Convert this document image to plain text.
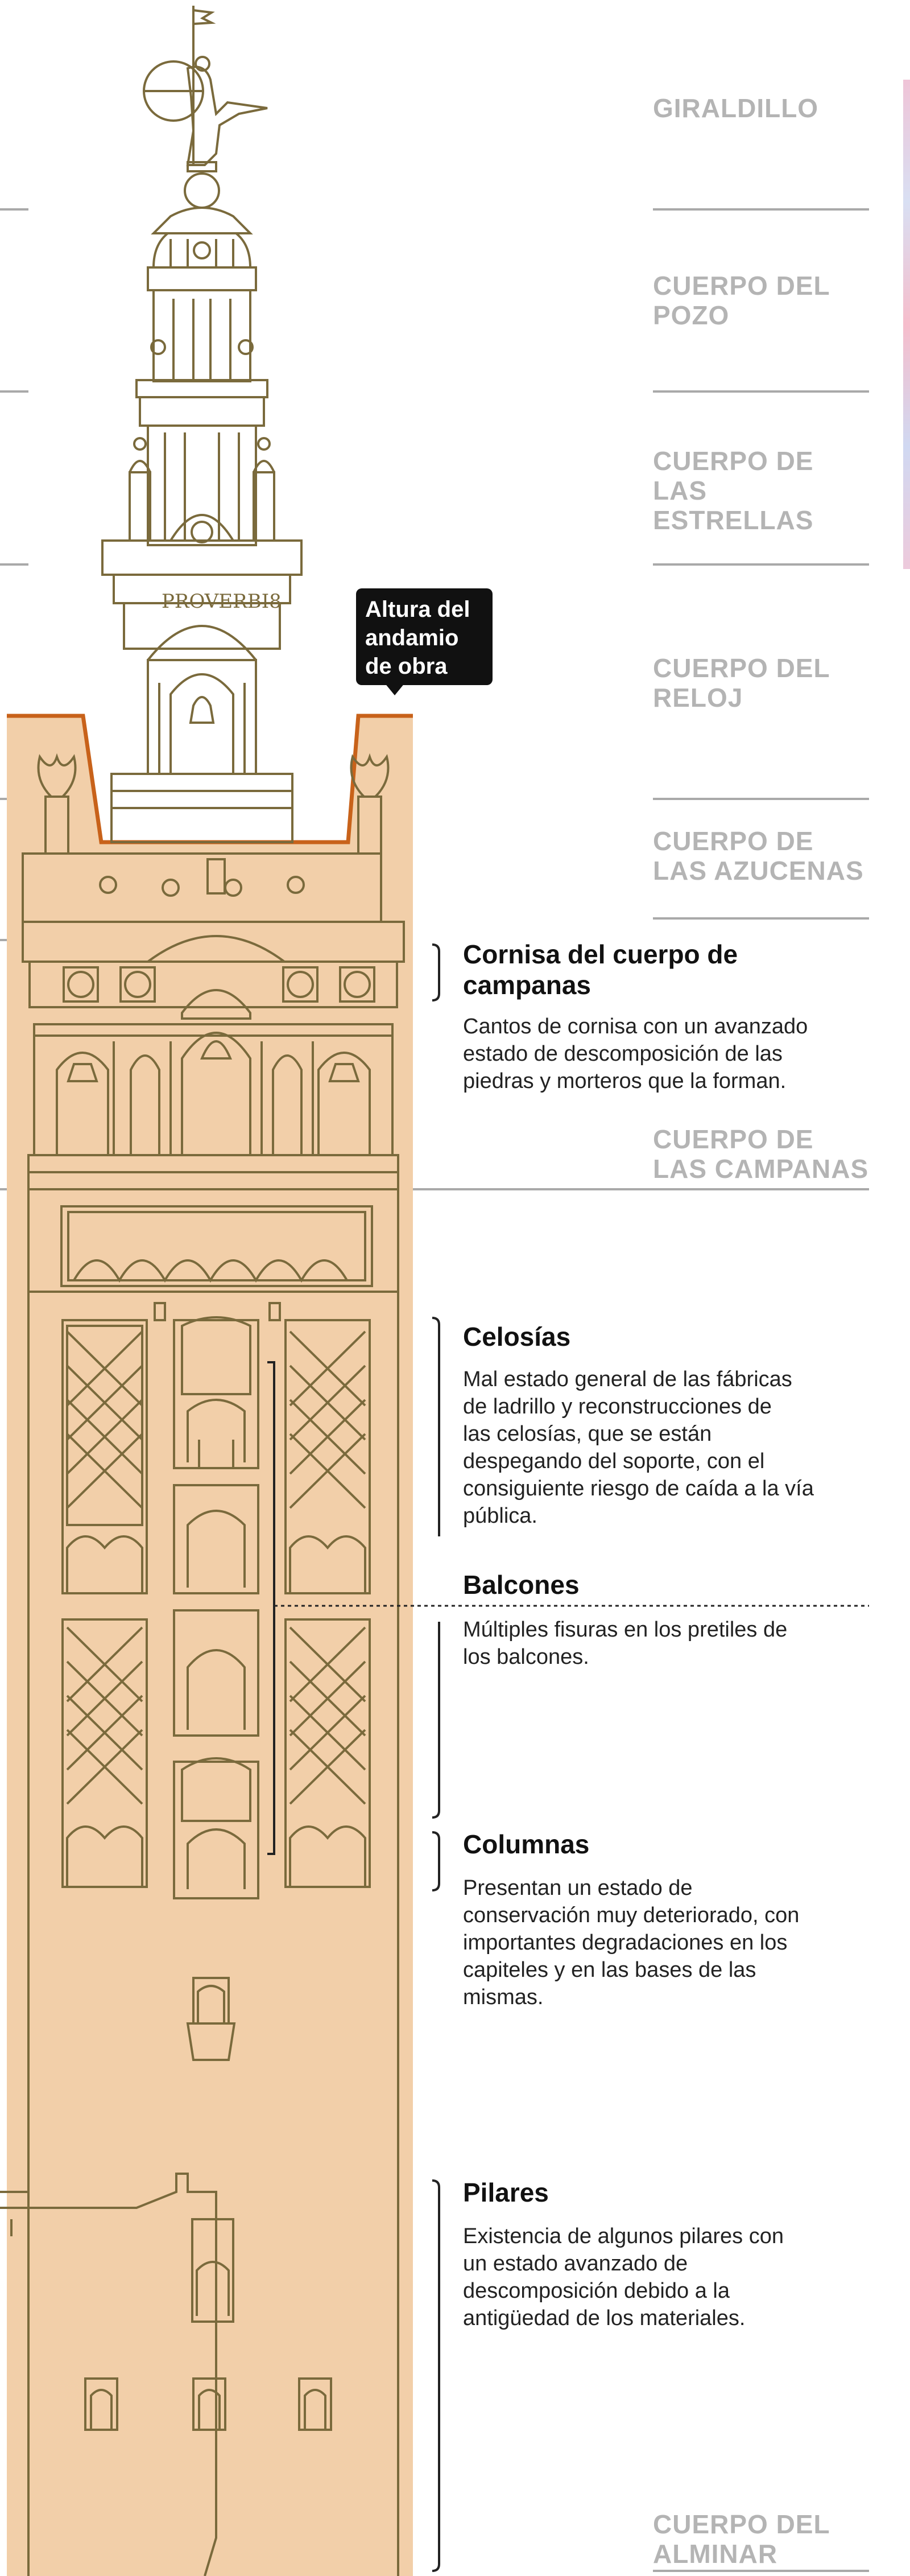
PROVERBI8
GIRALDILLO
CUERPO DEL
POZO
CUERPO DE LAS
ESTRELLAS
CUERPO DEL
RELOJ
CUERPO DE
LAS AZUCENAS
CUERPO DE
LAS CAMPANAS
CUERPO DEL
ALMINAR
Altura del
andamio
de obra
Cornisa del cuerpo de
campanas
Cantos de cornisa con un avanzado
estado de descomposición de las
piedras y morteros que la forman.
Celosías
Mal estado general de las fábricas
de ladrillo y reconstrucciones de
las celosías, que se están
despegando del soporte, con el
consiguiente riesgo de caída a la vía
pública.
Balcones
Múltiples fisuras en los pretiles de
los balcones.
Columnas
Presentan un estado de
conservación muy deteriorado, con
importantes degradaciones en los
capiteles y en las bases de las
mismas.
Pilares
Existencia de algunos pilares con
un estado avanzado de
descomposición debido a la
antigüedad de los materiales.
